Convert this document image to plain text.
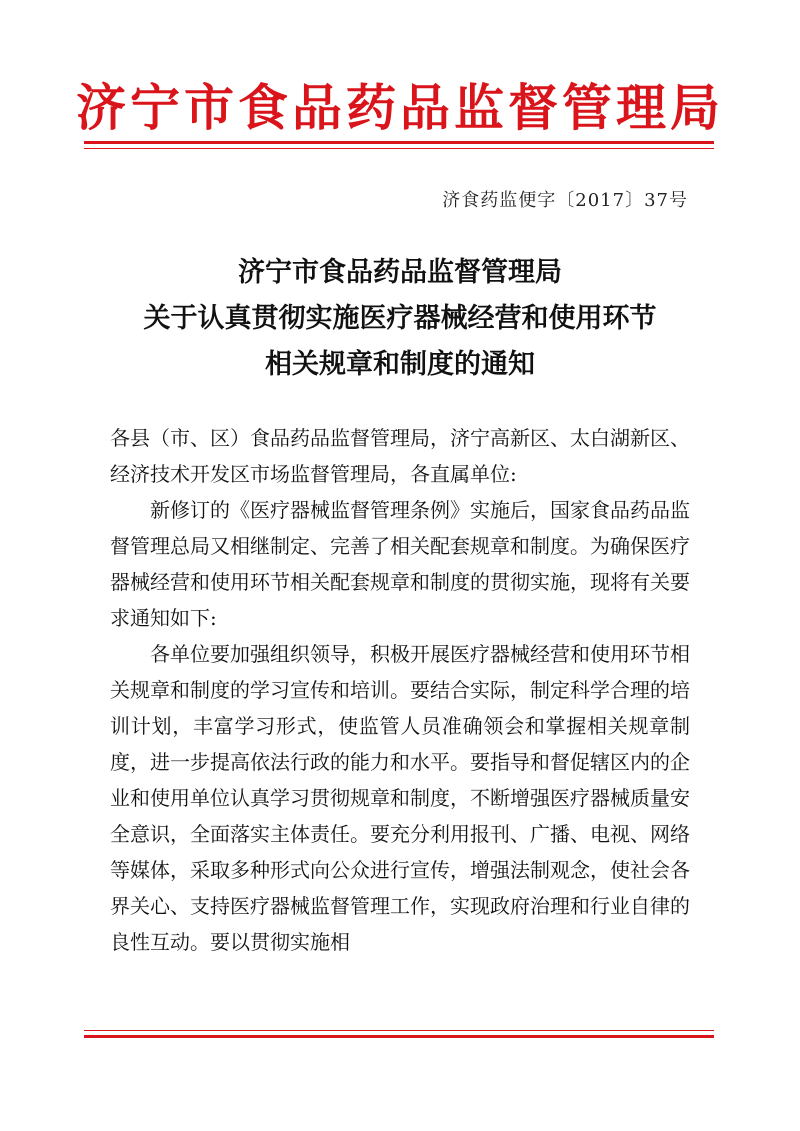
济宁市食品药品监督管理局
济食药监便字〔2017〕37号
济宁市食品药品监督管理局
关于认真贯彻实施医疗器械经营和使用环节
相关规章和制度的通知

各县（市、区）食品药品监督管理局，济宁高新区、太白湖新区、经济技术开发区市场监督管理局，各直属单位:

新修订的《医疗器械监督管理条例》实施后，国家食品药品监督管理总局又相继制定、完善了相关配套规章和制度。为确保医疗器械经营和使用环节相关配套规章和制度的贯彻实施，现将有关要求通知如下:

各单位要加强组织领导，积极开展医疗器械经营和使用环节相关规章和制度的学习宣传和培训。要结合实际，制定科学合理的培训计划，丰富学习形式，使监管人员准确领会和掌握相关规章制度，进一步提高依法行政的能力和水平。要指导和督促辖区内的企业和使用单位认真学习贯彻规章和制度，不断增强医疗器械质量安全意识，全面落实主体责任。要充分利用报刊、广播、电视、网络等媒体，采取多种形式向公众进行宣传，增强法制观念，使社会各界关心、支持医疗器械监督管理工作，实现政府治理和行业自律的良性互动。要以贯彻实施相
